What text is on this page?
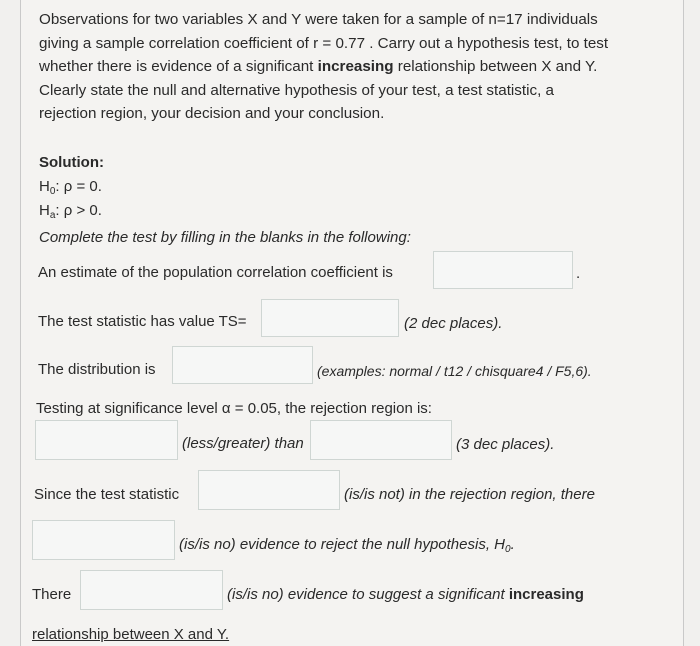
Observations for two variables X and Y were taken for a sample of n=17 individuals
giving a sample correlation coefficient of r = 0.77 . Carry out a hypothesis test, to test
whether there is evidence of a significant increasing relationship between X and Y.
Clearly state the null and alternative hypothesis of your test, a test statistic, a
rejection region, your decision and your conclusion.
Solution:
$H_0$: ρ = 0.
$H_a$: ρ > 0.
Complete the test by filling in the blanks in the following:
An estimate of the population correlation coefficient is	.
The test statistic has value TS=	(2 dec places).
The distribution is	(examples: normal / t12 / chisquare4 / F5,6).
Testing at significance level α = 0.05, the rejection region is:
(less/greater) than	(3 dec places).
Since the test statistic	(is/is not) in the rejection region, there
(is/is no) evidence to reject the null hypothesis, $H_0$.
There	(is/is no) evidence to suggest a significant increasing
relationship between X and Y.
